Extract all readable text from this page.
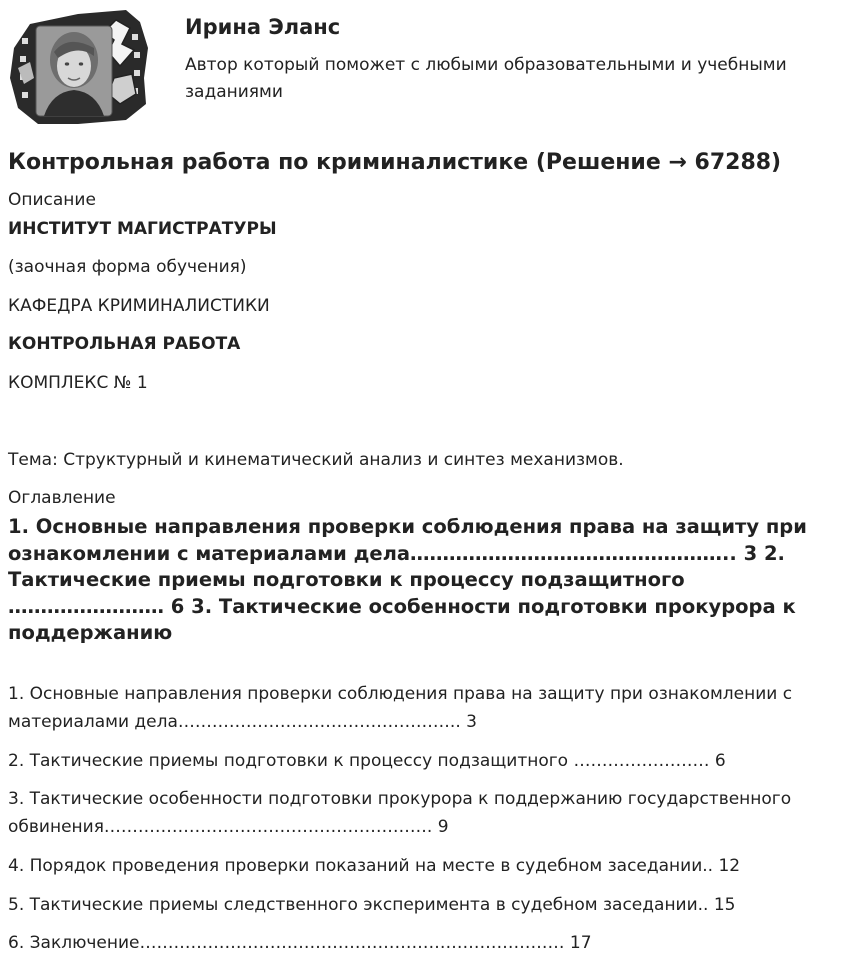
Ирина Эланс
Автор который поможет с любыми образовательными и учебными заданиями
Контрольная работа по криминалистике (Решение → 67288)
Описание

ИНСТИТУТ МАГИСТРАТУРЫ

(заочная форма обучения)

КАФЕДРА КРИМИНАЛИСТИКИ

КОНТРОЛЬНАЯ РАБОТА

КОМПЛЕКС № 1

Тема: Структурный и кинематический анализ и синтез механизмов.

Оглавление
1. Основные направления проверки соблюдения права на защиту при ознакомлении с материалами дела………………………………………….. 3 2. Тактические приемы подготовки к процессу подзащитного …………………… 6 3. Тактические особенности подготовки прокурора к поддержанию
1. Основные направления проверки соблюдения права на защиту при ознакомлении с материалами дела………………………………………….. 3
2. Тактические приемы подготовки к процессу подзащитного …………………… 6
3. Тактические особенности подготовки прокурора к поддержанию государственного обвинения…………………………………………………. 9
4. Порядок проведения проверки показаний на месте в судебном заседании.. 12
5. Тактические приемы следственного эксперимента в судебном заседании.. 15
6. Заключение………………………………………………………………… 17
